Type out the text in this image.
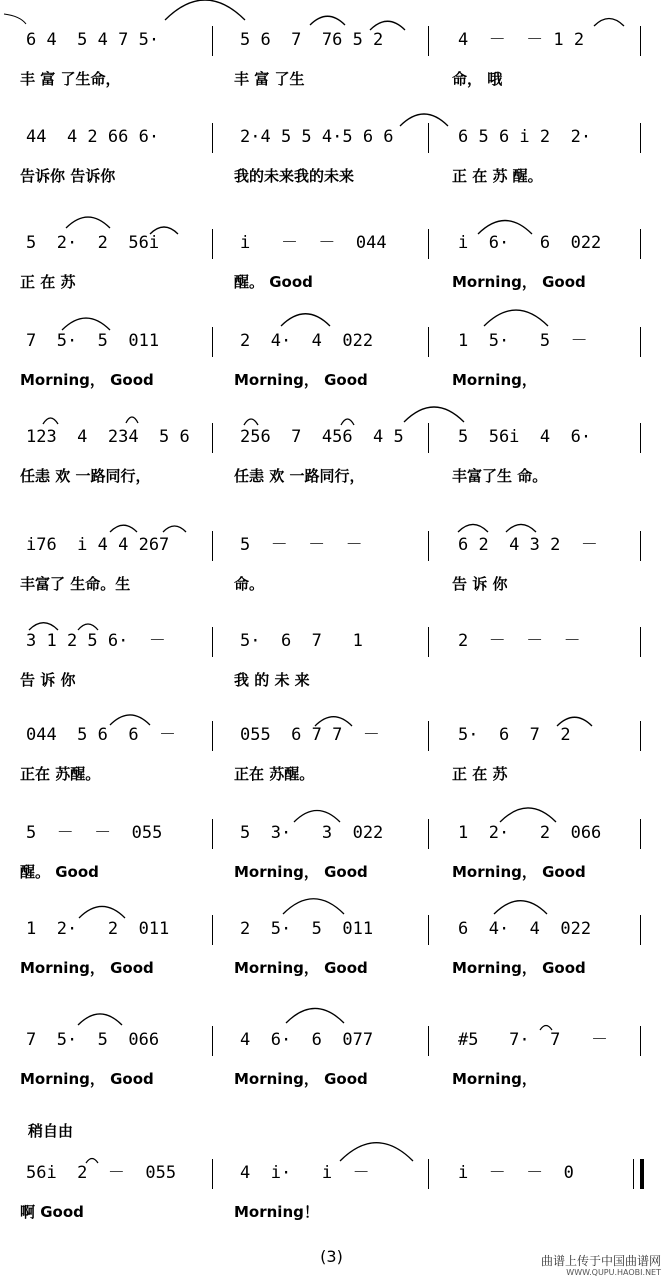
6 4  5 4 7 5·	5 6  7  76 5 2	4  －  － 1 2
丰 富 了生命，	丰 富 了生	命， 哦
44  4 2 66 6·	2·4 5 5 4·5 6 6	6 5 6 i 2  2·
告诉你 告诉你	我的未来我的未来	正 在 苏 醒。
5  2·  2  56i	i   －  －  044	i  6·   6  022
正 在 苏	醒。 Good	Morning， Good
7  5·  5  011	2  4·  4  022	1  5·   5  －
Morning， Good	Morning， Good	Morning，
123  4  234  5 6	256  7  456  4 5	5  56i  4  6·
任恚 欢 一路同行，	任恚 欢 一路同行，	丰富了生 命。
i76  i 4 4 267	5  －  －  －	6 2  4 3 2  －
丰富了 生命。生	命。	告 诉 你
3 1 2 5 6·  －	5·  6  7   1	2  －  －  －
告 诉 你	我 的 未 来
044  5 6  6  －	055  6 7 7  －	5·  6  7  2
正在 苏醒。	正在 苏醒。	正 在 苏
5  －  －  055	5  3·   3  022	1  2·   2  066
醒。 Good	Morning， Good	Morning， Good
1  2·   2  011	2  5·  5  011	6  4·  4  022
Morning， Good	Morning， Good	Morning， Good
7  5·  5  066	4  6·  6  077	#5   7·  7   －
Morning， Good	Morning， Good	Morning，
56i  2  －  055	4  i·   i  －	i  －  －  0
啊 Good	Morning！
稍自由
(3)	曲谱上传于中国曲谱网
WWW.QUPU.HAOBI.NET
